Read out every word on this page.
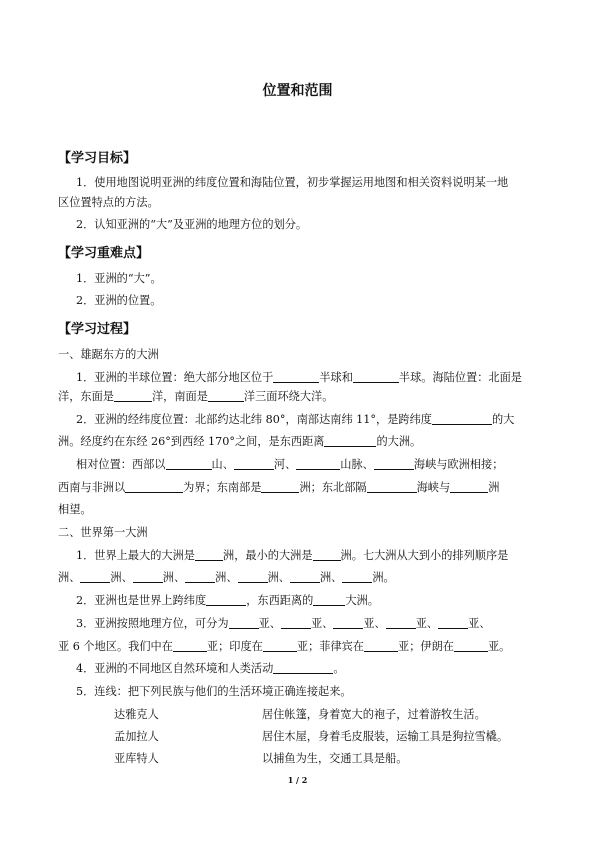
位置和范围
【学习目标】
1．使用地图说明亚洲的纬度位置和海陆位置，初步掌握运用地图和相关资料说明某一地
区位置特点的方法。
2．认知亚洲的“大”及亚洲的地理方位的划分。
【学习重难点】
1．亚洲的“大”。
2．亚洲的位置。
【学习过程】
一、雄踞东方的大洲
1．亚洲的半球位置：绝大部分地区位于	半球和	半球。海陆位置：北面是
洋，东面是	洋，南面是	洋三面环绕大洋。
2．亚洲的经纬度位置：北部约达北纬 80°，南部达南纬 11°，是跨纬度	的大
洲。经度约在东经 26°到西经 170°之间，是东西距离	的大洲。
相对位置：西部以	山、	河、	山脉、	海峡与欧洲相接；
西南与非洲以	为界；东南部是	洲；东北部隔	海峡与	洲
相望。
二、世界第一大洲
1．世界上最大的大洲是	洲，最小的大洲是	洲。七大洲从大到小的排列顺序是
洲、	洲、	洲、	洲、	洲、	洲、	洲。
2．亚洲也是世界上跨纬度	，东西距离的	大洲。
3．亚洲按照地理方位，可分为	亚、	亚、	亚、	亚、	亚、
亚 6 个地区。我们中在	亚；印度在	亚；菲律宾在	亚；伊朗在	亚。
4．亚洲的不同地区自然环境和人类活动	。
5．连线：把下列民族与他们的生活环境正确连接起来。
达雅克人	居住帐篷，身着宽大的袍子，过着游牧生活。
孟加拉人	居住木屋，身着毛皮服装，运输工具是狗拉雪橇。
亚库特人	以捕鱼为生，交通工具是船。
1 / 2
